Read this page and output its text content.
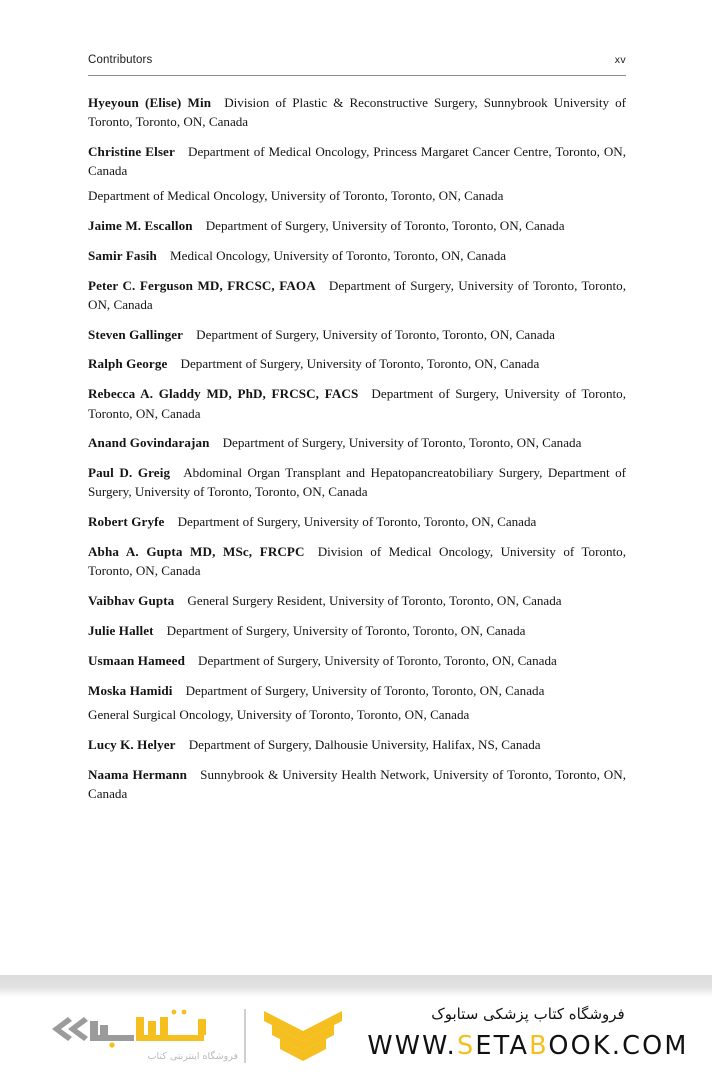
Contributors	xv

Hyeyoun (Elise) Min   Division of Plastic & Reconstructive Surgery, Sunnybrook University of Toronto, Toronto, ON, Canada

Christine Elser   Department of Medical Oncology, Princess Margaret Cancer Centre, Toronto, ON, Canada

Department of Medical Oncology, University of Toronto, Toronto, ON, Canada

Jaime M. Escallon   Department of Surgery, University of Toronto, Toronto, ON, Canada

Samir Fasih   Medical Oncology, University of Toronto, Toronto, ON, Canada

Peter C. Ferguson MD, FRCSC, FAOA   Department of Surgery, University of Toronto, Toronto, ON, Canada

Steven Gallinger   Department of Surgery, University of Toronto, Toronto, ON, Canada

Ralph George   Department of Surgery, University of Toronto, Toronto, ON, Canada

Rebecca A. Gladdy MD, PhD, FRCSC, FACS   Department of Surgery, University of Toronto, Toronto, ON, Canada

Anand Govindarajan   Department of Surgery, University of Toronto, Toronto, ON, Canada

Paul D. Greig   Abdominal Organ Transplant and Hepatopancreatobiliary Surgery, Department of Surgery, University of Toronto, Toronto, ON, Canada

Robert Gryfe   Department of Surgery, University of Toronto, Toronto, ON, Canada

Abha A. Gupta MD, MSc, FRCPC   Division of Medical Oncology, University of Toronto, Toronto, ON, Canada

Vaibhav Gupta   General Surgery Resident, University of Toronto, Toronto, ON, Canada

Julie Hallet   Department of Surgery, University of Toronto, Toronto, ON, Canada

Usmaan Hameed   Department of Surgery, University of Toronto, Toronto, ON, Canada

Moska Hamidi   Department of Surgery, University of Toronto, Toronto, ON, Canada

General Surgical Oncology, University of Toronto, Toronto, ON, Canada

Lucy K. Helyer   Department of Surgery, Dalhousie University, Halifax, NS, Canada

Naama Hermann   Sunnybrook & University Health Network, University of Toronto, Toronto, ON, Canada

فروشگاه اینترنتی کتاب
فروشگاه کتاب پزشکی ستابوک
WWW.SETABOOK.COM
